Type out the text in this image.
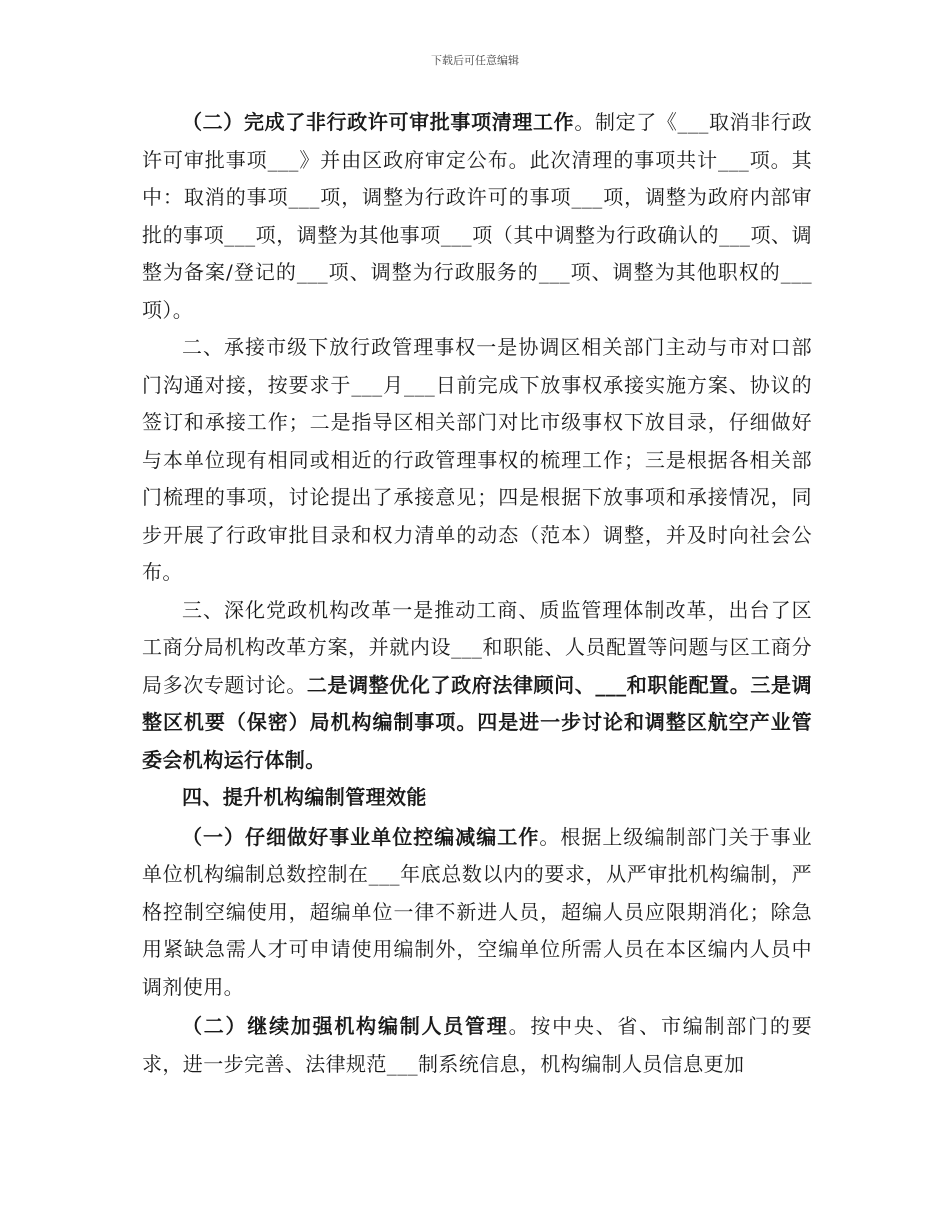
下载后可任意编辑

（二）完成了非行政许可审批事项清理工作。制定了《___取消非行政许可审批事项___》并由区政府审定公布。此次清理的事项共计___项。其中：取消的事项___项，调整为行政许可的事项___项，调整为政府内部审批的事项___项，调整为其他事项___项（其中调整为行政确认的___项、调整为备案/登记的___项、调整为行政服务的___项、调整为其他职权的___项）。

二、承接市级下放行政管理事权一是协调区相关部门主动与市对口部门沟通对接，按要求于___月___日前完成下放事权承接实施方案、协议的签订和承接工作；二是指导区相关部门对比市级事权下放目录，仔细做好与本单位现有相同或相近的行政管理事权的梳理工作；三是根据各相关部门梳理的事项，讨论提出了承接意见；四是根据下放事项和承接情况，同步开展了行政审批目录和权力清单的动态（范本）调整，并及时向社会公布。

三、深化党政机构改革一是推动工商、质监管理体制改革，出台了区工商分局机构改革方案，并就内设___和职能、人员配置等问题与区工商分局多次专题讨论。二是调整优化了政府法律顾问、___和职能配置。三是调整区机要（保密）局机构编制事项。四是进一步讨论和调整区航空产业管委会机构运行体制。

四、提升机构编制管理效能

（一）仔细做好事业单位控编减编工作。根据上级编制部门关于事业单位机构编制总数控制在___年底总数以内的要求，从严审批机构编制，严格控制空编使用，超编单位一律不新进人员，超编人员应限期消化；除急用紧缺急需人才可申请使用编制外，空编单位所需人员在本区编内人员中调剂使用。

（二）继续加强机构编制人员管理。按中央、省、市编制部门的要求，进一步完善、法律规范___制系统信息，机构编制人员信息更加
